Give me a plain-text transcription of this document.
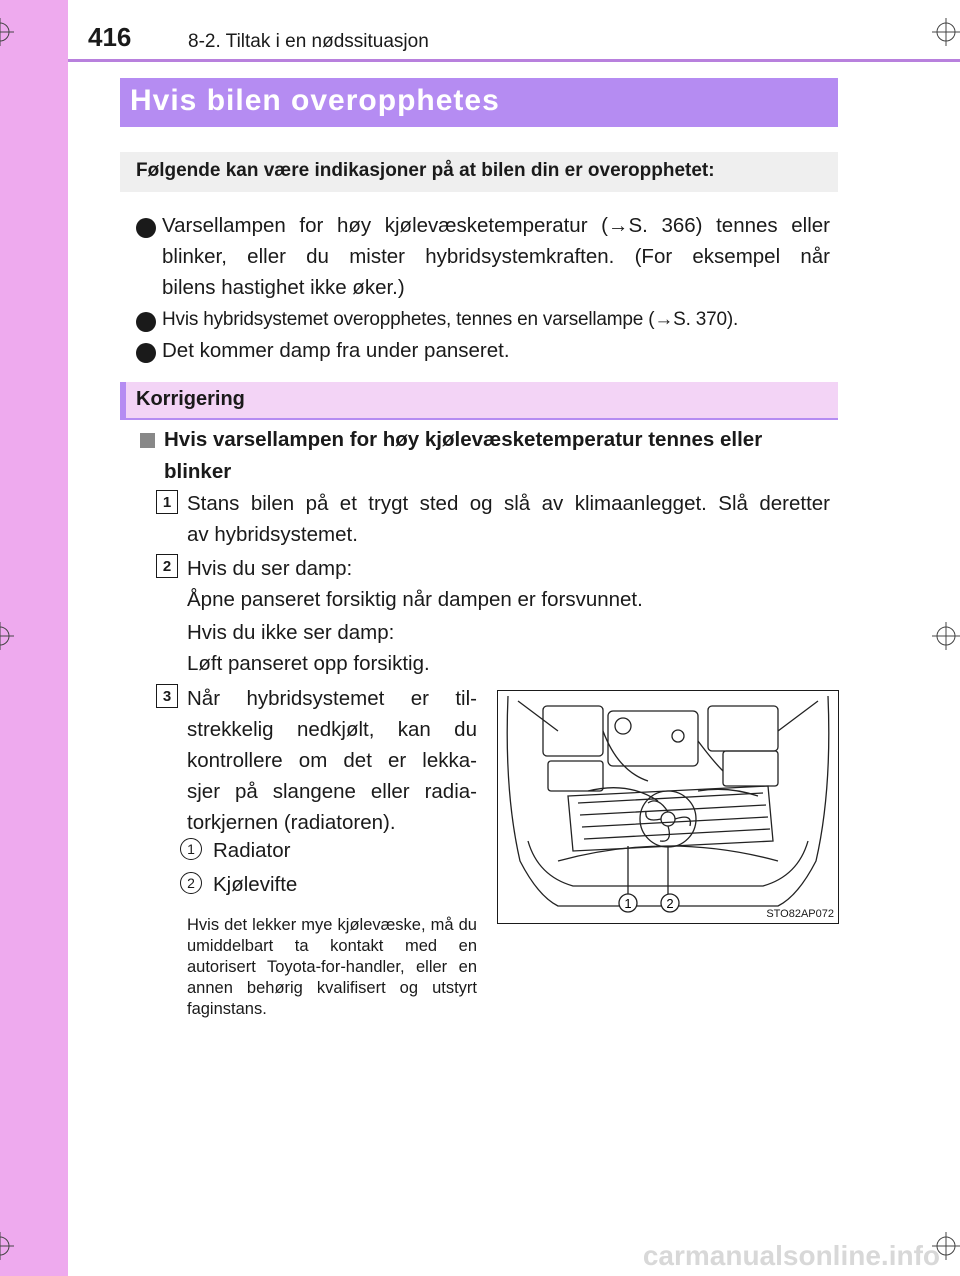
416	8-2. Tiltak i en nødssituasjon
Hvis bilen overopphetes
Følgende kan være indikasjoner på at bilen din er overopphetet:
Varsellampen for høy kjølevæsketemperatur (→S. 366) tennes eller
blinker, eller du mister hybridsystemkraften. (For eksempel når
bilens hastighet ikke øker.)
Hvis hybridsystemet overopphetes, tennes en varsellampe (→S. 370).
Det kommer damp fra under panseret.
Korrigering
Hvis varsellampen for høy kjølevæsketemperatur tennes eller blinker
1 Stans bilen på et trygt sted og slå av klimaanlegget. Slå deretter
av hybridsystemet.
2 Hvis du ser damp:
Åpne panseret forsiktig når dampen er forsvunnet.
Hvis du ikke ser damp:
Løft panseret opp forsiktig.
3 Når hybridsystemet er til-
strekkelig nedkjølt, kan du
kontrollere om det er lekka-
sjer på slangene eller radia-
torkjernen (radiatoren).
1 Radiator
2 Kjølevifte
Hvis det lekker mye kjølevæske, må du umiddelbart ta kontakt med en autorisert Toyota-for-handler, eller en annen behørig kvalifisert og utstyrt faginstans.
1	2
STO82AP072
carmanualsonline.info
